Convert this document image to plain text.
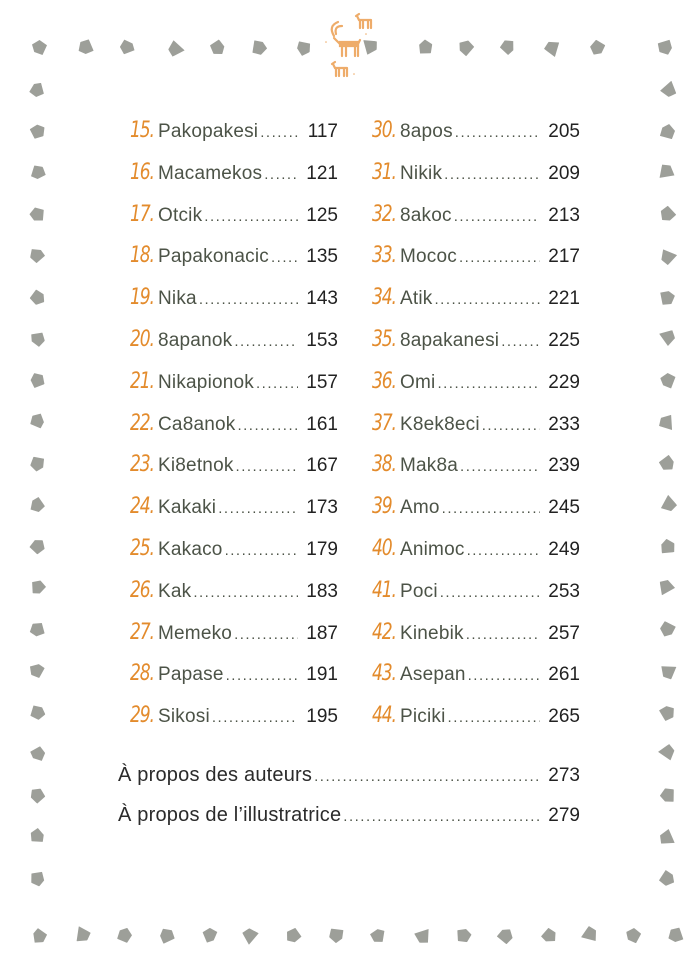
15. Pakopakesi .....	117
16. Macamekos ..... 121
17. Otcik .....	125
18. Papakonacic ..... 135
19. Nika .....	143
20. 8apanok .....	153
21. Nikapionok .....	157
22. Ca8anok .....	161
23. Ki8etnok .....	167
24. Kakaki .....	173
25. Kakaco .....	179
26. Kak .....	183
27. Memeko .....	187
28. Papase .....	191
29. Sikosi .....	195
30. 8apos .....	205
31. Nikik .....	209
32. 8akoc .....	213
33. Mococ .....	217
34. Atik .....	221
35. 8apakanesi .....	225
36. Omi .....	229
37. K8ek8eci .....	233
38. Mak8a .....	239
39. Amo .....	245
40. Animoc .....	249
41. Poci .....	253
42. Kinebik .....	257
43. Asepan .....	261
44. Piciki .....	265
À propos des auteurs .....	273
À propos de l’illustratrice .....	279
